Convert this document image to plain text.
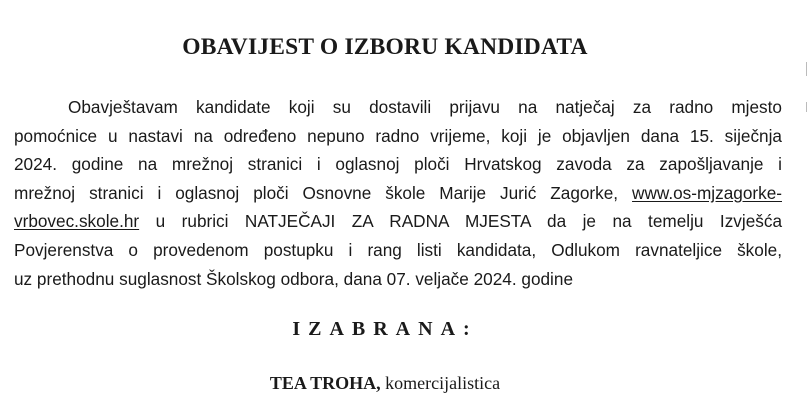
OBAVIJEST O IZBORU KANDIDATA
Obavještavam kandidate koji su dostavili prijavu na natječaj za radno mjesto
pomoćnice u nastavi na određeno nepuno radno vrijeme, koji je objavljen dana 15. siječnja
2024. godine na mrežnoj stranici i oglasnoj ploči Hrvatskog zavoda za zapošljavanje i
mrežnoj stranici i oglasnoj ploči Osnovne škole Marije Jurić Zagorke, www.os-mjzagorke-
vrbovec.skole.hr u rubrici NATJEČAJI ZA RADNA MJESTA da je na temelju Izvješća
Povjerenstva o provedenom postupku i rang listi kandidata, Odlukom ravnateljice škole,
uz prethodnu suglasnost Školskog odbora, dana 07. veljače 2024. godine
IZABRANA:
TEA TROHA, komercijalistica
